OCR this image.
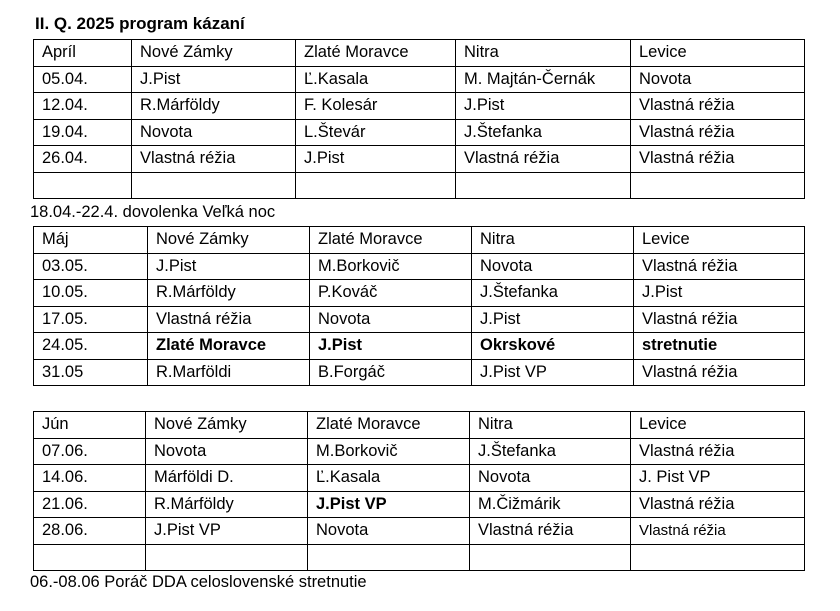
II. Q. 2025 program kázaní
Apríl	Nové Zámky	Zlaté Moravce	Nitra	Levice
05.04.	J.Pist	Ľ.Kasala	M. Majtán-Černák	Novota
12.04.	R.Márföldy	F. Kolesár	J.Pist	Vlastná réžia
19.04.	Novota	L.Števár	J.Štefanka	Vlastná réžia
26.04.	Vlastná réžia	J.Pist	Vlastná réžia	Vlastná réžia

18.04.-22.4. dovolenka Veľká noc
Máj	Nové Zámky	Zlaté Moravce	Nitra	Levice
03.05.	J.Pist	M.Borkovič	Novota	Vlastná réžia
10.05.	R.Márföldy	P.Kováč	J.Štefanka	J.Pist
17.05.	Vlastná réžia	Novota	J.Pist	Vlastná réžia
24.05.	Zlaté Moravce	J.Pist	Okrskové	stretnutie
31.05	R.Marföldi	B.Forgáč	J.Pist VP	Vlastná réžia
Jún	Nové Zámky	Zlaté Moravce	Nitra	Levice
07.06.	Novota	M.Borkovič	J.Štefanka	Vlastná réžia
14.06.	Márföldi D.	Ľ.Kasala	Novota	J. Pist VP
21.06.	R.Márföldy	J.Pist VP	M.Čižmárik	Vlastná réžia
28.06.	J.Pist VP	Novota	Vlastná réžia	Vlastná réžia

06.-08.06 Poráč DDA celoslovenské stretnutie
